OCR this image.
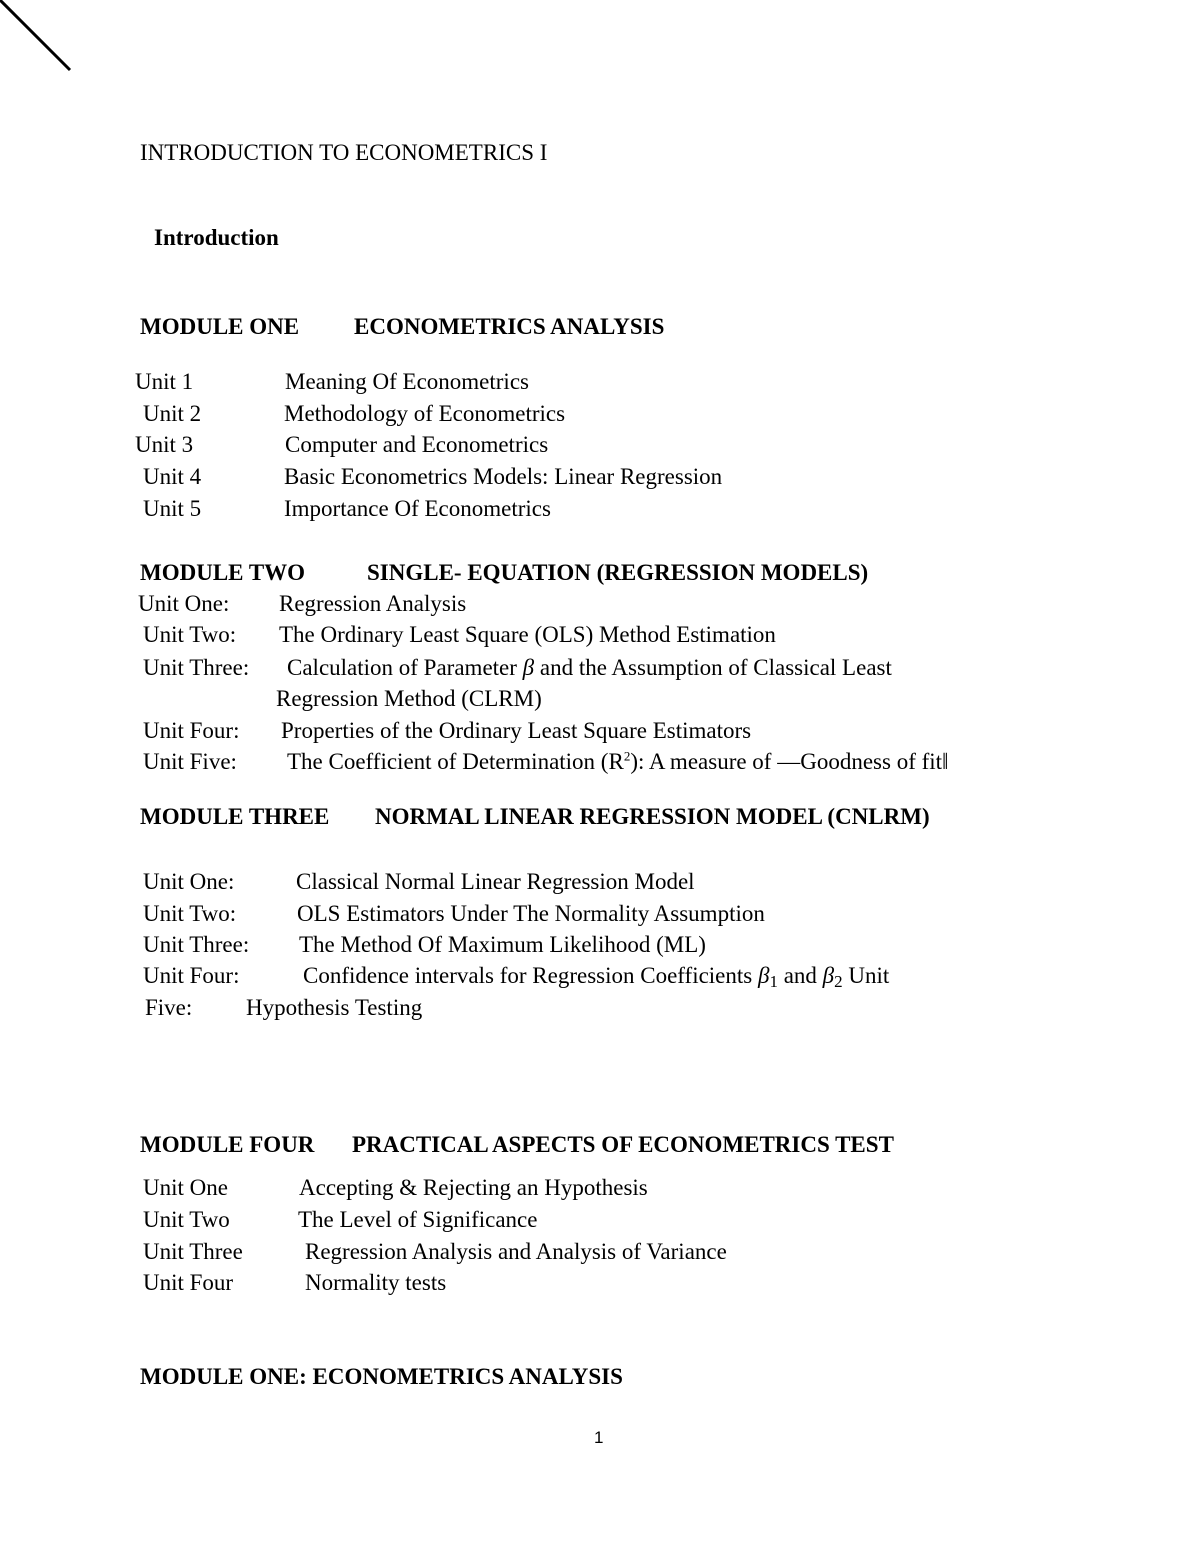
INTRODUCTION TO ECONOMETRICS I
Introduction
MODULE ONE ECONOMETRICS ANALYSIS
Unit 1	Meaning Of Econometrics
Unit 2	Methodology of Econometrics
Unit 3	Computer and Econometrics
Unit 4	Basic Econometrics Models: Linear Regression
Unit 5	Importance Of Econometrics
MODULE TWO	SINGLE- EQUATION (REGRESSION MODELS)
Unit One: Regression Analysis
Unit Two: The Ordinary Least Square (OLS) Method Estimation
Unit Three: Calculation of Parameter β and the Assumption of Classical Least
Regression Method (CLRM)
Unit Four: Properties of the Ordinary Least Square Estimators
Unit Five: The Coefficient of Determination $(R^2)$: A measure of ―Goodness of fit‖
MODULE THREE NORMAL LINEAR REGRESSION MODEL (CNLRM)
Unit One:	Classical Normal Linear Regression Model
Unit Two:	OLS Estimators Under The Normality Assumption
Unit Three: The Method Of Maximum Likelihood (ML)
Unit Four:	Confidence intervals for Regression Coefficients $\beta_1$ and $\beta_2$ Unit
Five: Hypothesis Testing
MODULE FOUR PRACTICAL ASPECTS OF ECONOMETRICS TEST
Unit One	Accepting & Rejecting an Hypothesis
Unit Two	The Level of Significance
Unit Three	Regression Analysis and Analysis of Variance
Unit Four	Normality tests
MODULE ONE: ECONOMETRICS ANALYSIS
1
